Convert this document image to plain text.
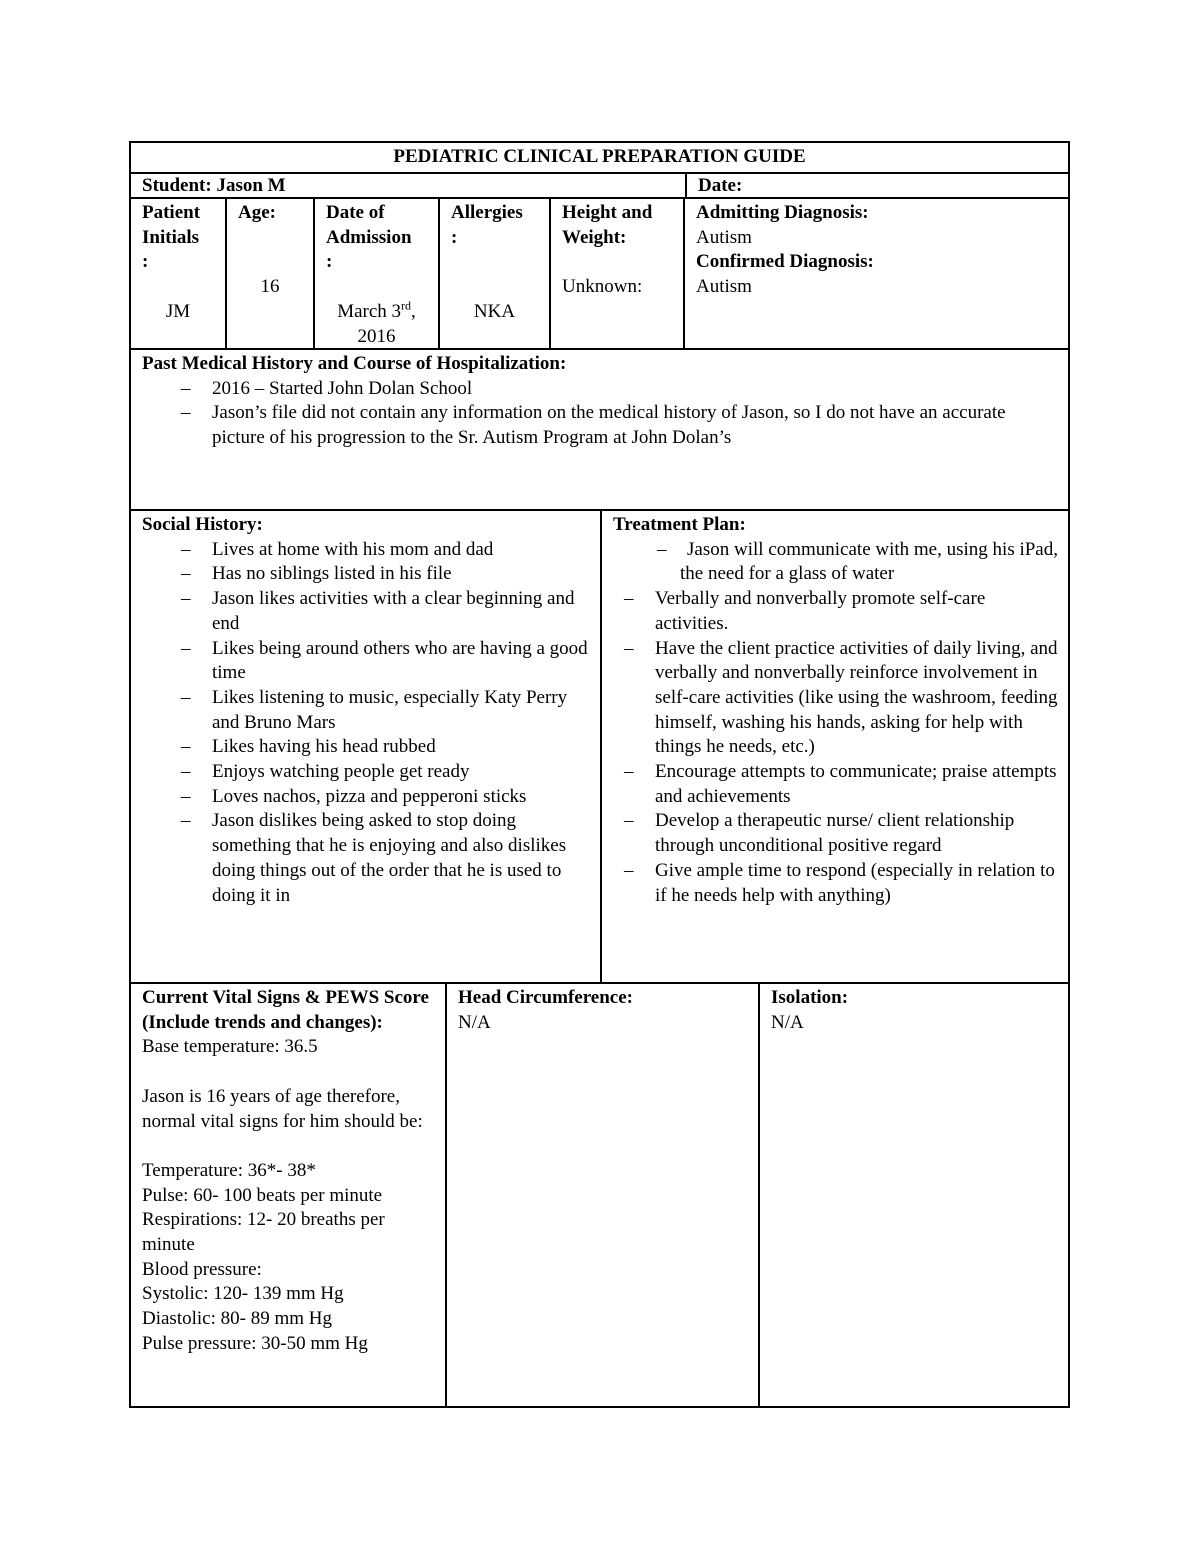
PEDIATRIC CLINICAL PREPARATION GUIDE
Student: Jason M	Date:
Patient
Initials
:
JM
Age:
16
Date of
Admission
:
March 3rd,
2016
Allergies
:
NKA
Height and
Weight:
Unknown:
Admitting Diagnosis:
Autism
Confirmed Diagnosis:
Autism
Past Medical History and Course of Hospitalization:
– 2016 – Started John Dolan School
– Jason’s file did not contain any information on the medical history of Jason, so I do not have an accurate picture of his progression to the Sr. Autism Program at John Dolan’s
Social History:
– Lives at home with his mom and dad
– Has no siblings listed in his file
– Jason likes activities with a clear beginning and end
– Likes being around others who are having a good time
– Likes listening to music, especially Katy Perry and Bruno Mars
– Likes having his head rubbed
– Enjoys watching people get ready
– Loves nachos, pizza and pepperoni sticks
– Jason dislikes being asked to stop doing something that he is enjoying and also dislikes doing things out of the order that he is used to doing it in
Treatment Plan:
– Jason will communicate with me, using his iPad, the need for a glass of water
– Verbally and nonverbally promote self-care activities.
– Have the client practice activities of daily living, and verbally and nonverbally reinforce involvement in self-care activities (like using the washroom, feeding himself, washing his hands, asking for help with things he needs, etc.)
– Encourage attempts to communicate; praise attempts and achievements
– Develop a therapeutic nurse/ client relationship through unconditional positive regard
– Give ample time to respond (especially in relation to if he needs help with anything)
Current Vital Signs & PEWS Score (Include trends and changes):
Base temperature: 36.5
Jason is 16 years of age therefore, normal vital signs for him should be:
Temperature: 36*- 38*
Pulse: 60- 100 beats per minute
Respirations: 12- 20 breaths per minute
Blood pressure:
Systolic: 120- 139 mm Hg
Diastolic: 80- 89 mm Hg
Pulse pressure: 30-50 mm Hg
Head Circumference:
N/A
Isolation:
N/A
